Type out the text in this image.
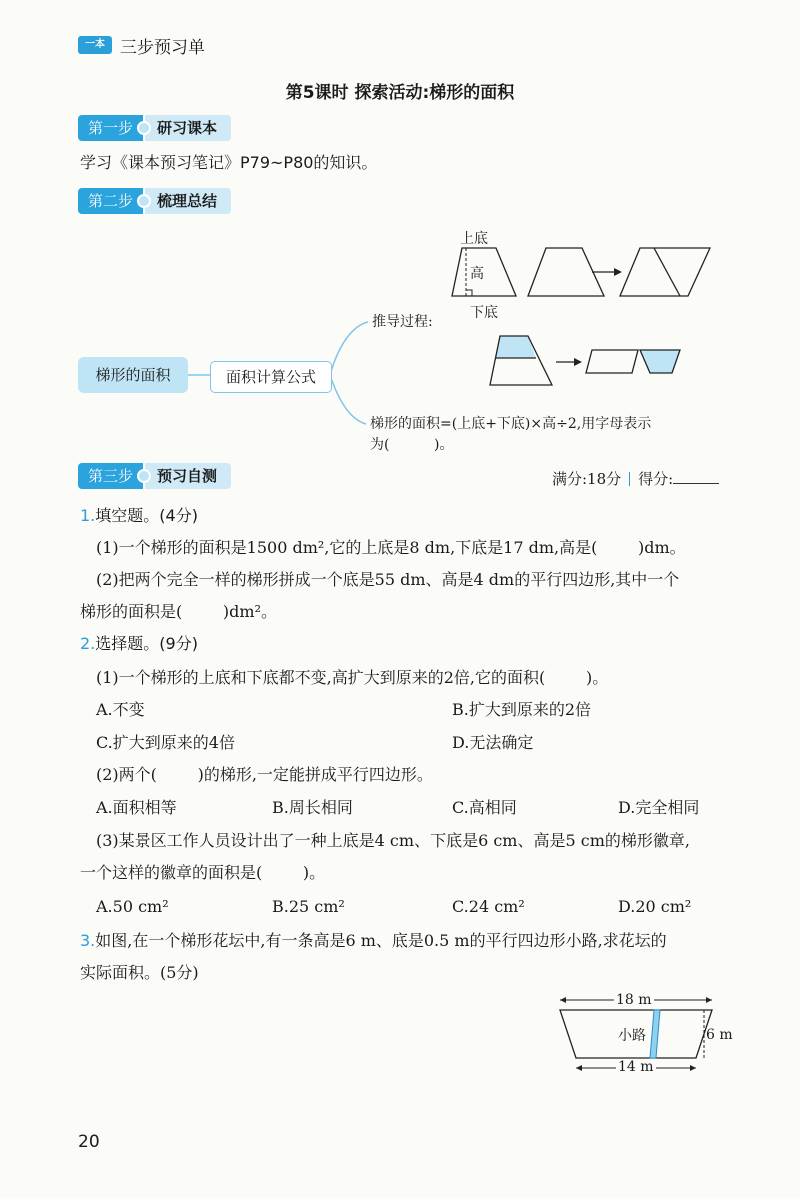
一本 三步预习单
第5课时 探索活动:梯形的面积
第一步	研习课本
学习《课本预习笔记》P79~P80的知识。
第二步	梳理总结
上底
高
下底
梯形的面积	面积计算公式
推导过程:
梯形的面积=(上底+下底)×高÷2,用字母表示
为(          )。
第三步	预习自测	满分:18分 得分:
1.填空题。(4分)
(1)一个梯形的面积是1500 dm²,它的上底是8 dm,下底是17 dm,高是(        )dm。
(2)把两个完全一样的梯形拼成一个底是55 dm、高是4 dm的平行四边形,其中一个
梯形的面积是(        )dm²。
2.选择题。(9分)
(1)一个梯形的上底和下底都不变,高扩大到原来的2倍,它的面积(        )。
A.不变	B.扩大到原来的2倍
C.扩大到原来的4倍	D.无法确定
(2)两个(        )的梯形,一定能拼成平行四边形。
A.面积相等	B.周长相同	C.高相同	D.完全相同
(3)某景区工作人员设计出了一种上底是4 cm、下底是6 cm、高是5 cm的梯形徽章,
一个这样的徽章的面积是(        )。
A.50 cm²	B.25 cm²	C.24 cm²	D.20 cm²
3.如图,在一个梯形花坛中,有一条高是6 m、底是0.5 m的平行四边形小路,求花坛的
实际面积。(5分)
18 m
14 m
6 m
小路
20
